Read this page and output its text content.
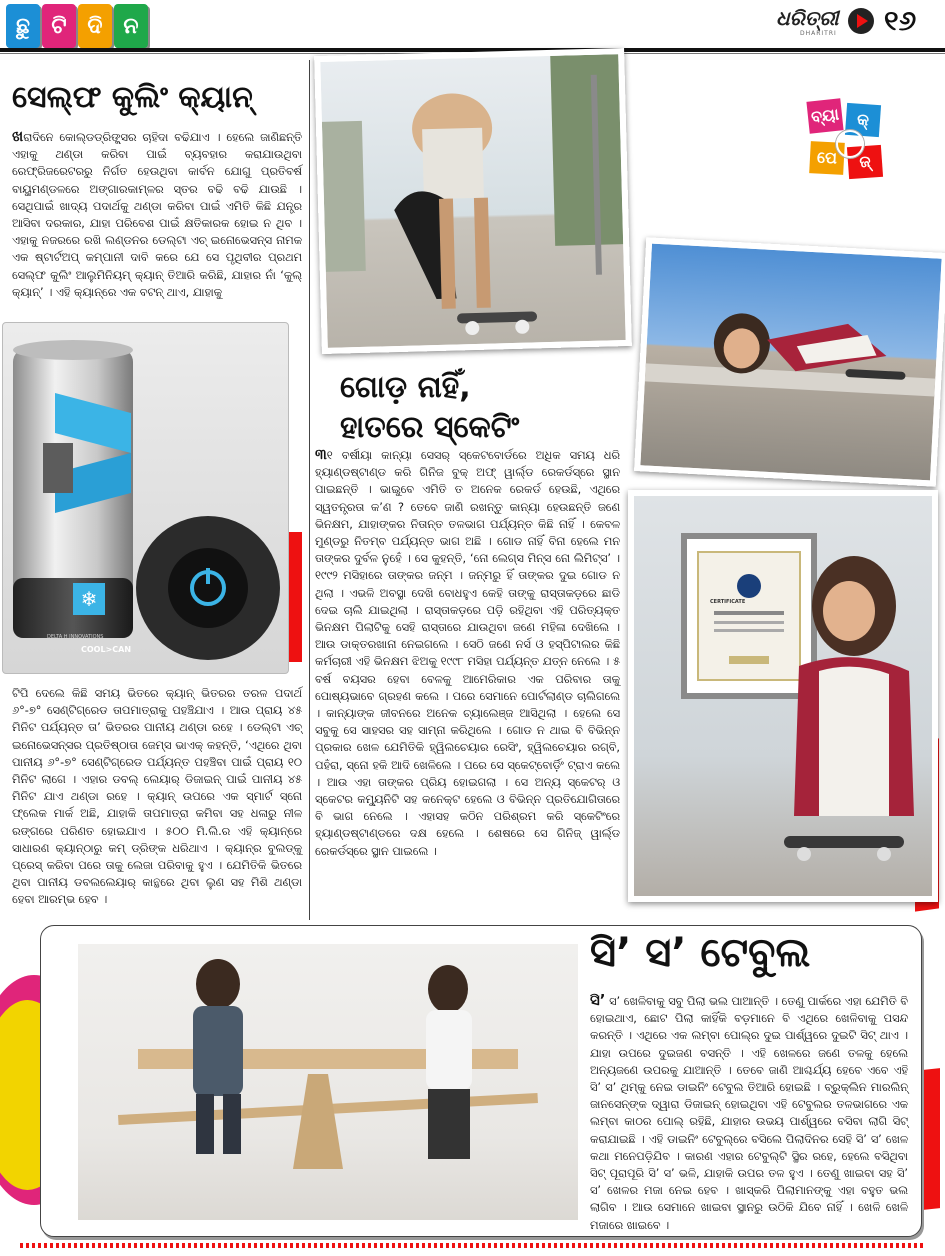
ଛୁ ଟି ଦି ନ	ଧରିତ୍ରୀ
DHARITRI ୧୬
ସେଲ୍ଫ କୁଲିଂ କ୍ୟାନ୍

ଖରାଦିନେ କୋଲ୍ଡଡ୍ରିଙ୍କ୍ସର ଚାହିଦା ବଢିଯାଏ । ହେଲେ ଜାଣିଛନ୍ତି ଏହାକୁ ଥଣ୍ଡା କରିବା ପାଇଁ ବ୍ୟବହାର କରାଯାଉଥିବା ରେଫ୍ରିଜରେଟରରୁ ନିର୍ଗତ ହେଉଥିବା କାର୍ବନ ଯୋଗୁ ପ୍ରତିବର୍ଷ ବାୟୁମଣ୍ଡଳରେ ଅଙ୍ଗାରକାମ୍ଳର ସ୍ତର ବଢି ବଢି ଯାଉଛି । ସେଥିପାଇଁ ଖାଦ୍ୟ ପଦାର୍ଥକୁ ଥଣ୍ଡା କରିବା ପାଇଁ ଏମିତି କିଛି ଯନ୍ତ୍ର ଆସିବା ଦରକାର, ଯାହା ପରିବେଶ ପାଇଁ କ୍ଷତିକାରକ ହୋଇ ନ ଥିବ । ଏହାକୁ ନଜରରେ ରଖି ଲଣ୍ଡନର ଡେଲ୍ଟା ଏଚ୍ ଇନୋଭେସନ୍ସ ନାମକ ଏକ ଷ୍ଟାର୍ଟଅପ୍ କମ୍ପାନୀ ଦାବି କରେ ଯେ ସେ ପୃଥିବୀର ପ୍ରଥମ ସେଲ୍ଫ କୁଲିଂ ଆଲୁମିନିୟମ୍ କ୍ୟାନ୍ ତିଆରି କରିଛି, ଯାହାର ନାଁ ‘କୁଲ୍ କ୍ୟାନ୍’ । ଏହି କ୍ୟାନ୍‌ରେ ଏକ ବଟନ୍ ଥାଏ, ଯାହାକୁ

❄
COOL>CAN
DELTA H INNOVATIONS

ଟିପି ଦେଲେ କିଛି ସମୟ ଭିତରେ କ୍ୟାନ୍ ଭିତରର ତରଳ ପଦାର୍ଥ ୬°-୭° ସେଣ୍ଟିଗ୍ରେଡ ତାପମାତ୍ରାକୁ ପହଞ୍ଚିଯାଏ । ଆଉ ପ୍ରାୟ ୪୫ ମିନିଟ ପର୍ଯ୍ୟନ୍ତ ତା’ ଭିତରର ପାନୀୟ ଥଣ୍ଡା ରହେ । ଡେଲ୍ଟା ଏଚ୍ ଇନୋଭେସନ୍ସର ପ୍ରତିଷ୍ଠାତା ଜେମ୍ସ ଭାଏକ୍ କହନ୍ତି, ‘ଏଥିରେ ଥିବା ପାନୀୟ ୬°-୭° ସେଣ୍ଟିଗ୍ରେଡ ପର୍ଯ୍ୟନ୍ତ ପହଞ୍ଚିବା ପାଇଁ ପ୍ରାୟ ୧୦ ମିନିଟ ଲାଗେ । ଏହାର ଡବଲ୍ ଲେୟାର୍ ଡିଜାଇନ୍ ପାଇଁ ପାନୀୟ ୪୫ ମିନିଟ ଯାଏ ଥଣ୍ଡା ରହେ । କ୍ୟାନ୍ ଉପରେ ଏକ ସ୍ମାର୍ଟ ସ୍ନୋ ଫ୍ଲେକ ମାର୍କ ଅଛି, ଯାହାକି ତାପମାତ୍ରା କମିବା ସହ ଧଳାରୁ ନୀଳ ରଙ୍ଗରେ ପରିଣତ ହୋଇଯାଏ । ୫୦୦ ମି.ଲି.ର ଏହି କ୍ୟାନ୍‌ରେ ସାଧାରଣ କ୍ୟାନ୍‌ଠାରୁ କମ୍ ଡ୍ରିଙ୍କ ଧରିଥାଏ । କ୍ୟାନ୍‌ର ବୁଲଡ୍‌କୁ ପ୍ରେସ୍ କରିବା ପରେ ତାକୁ ଲେଜା ପରିବାକୁ ହୁଏ । ଯେମିତିକି ଭିତରେ ଥିବା ପାନୀୟ ଡବଲଲେୟାର୍ କାନ୍ଥରେ ଥିବା ଲୁଣ ସହ ମିଶି ଥଣ୍ଡା ହେବା ଆରମ୍ଭ ହେବ ।

ବ୍ୟା	କ୍
ପେ	ଜ୍
ଗୋଡ଼ ନାହିଁ,
ହାତରେ ସ୍କେଟିଂ

୩୧ ବର୍ଷୀୟା କାନ୍ୟା ସେସର୍ ସ୍କେଟବୋର୍ଡରେ ଅଧିକ ସମୟ ଧରି ହ୍ୟାଣ୍ଡଷ୍ଟାଣ୍ଡ କରି ଗିନିଜ ବୁକ୍ ଅଫ୍ ୱାର୍ଲ୍ଡ ରେକର୍ଡସ୍‌ରେ ସ୍ଥାନ ପାଇଛନ୍ତି । ଭାଇୁବେ ଏମିତି ତ ଅନେକ ରେକର୍ଡ ହେଉଛି, ଏଥିରେ ସ୍ୱତନ୍ତ୍ରତା କ’ଣ ? ତେବେ ଜାଣି ରଖନ୍ତୁ କାନ୍ୟା ହେଉଛନ୍ତି ଜଣେ ଭିନକ୍ଷମ, ଯାହାଙ୍କର ନିତାନ୍ତ ତଳଭାଗ ପର୍ଯ୍ୟନ୍ତ କିଛି ନାହିଁ । କେବଳ ମୁଣ୍ଡରୁ ନିତମ୍ବ ପର୍ଯ୍ୟନ୍ତ ଭାଗ ଅଛି । ଗୋଡ ନାହିଁ ବିନା ହେଲେ ମନ ତାଙ୍କର ଦୁର୍ବଳ ନୁହେଁ । ସେ କୁହନ୍ତି, ‘ନୋ ଲେଗ୍‌ସ ମିନ୍ସ ନୋ ଲିମିଟ୍ସ’ । ୧୯୯୨ ମସିହାରେ ତାଙ୍କର ଜନ୍ମ । ଜନ୍ମରୁ ହିଁ ତାଙ୍କର ଦୁଇ ଗୋଡ ନ ଥିଲା । ଏଭଳି ଅବସ୍ଥା ଦେଖି ବୋଧହୁଏ କେହି ତାଙ୍କୁ ରାସ୍ତାକଡ଼ରେ ଛାଡି ଦେଇ ଚାଲି ଯାଇଥିଲା । ରାସ୍ତାକଡ଼ରେ ପଡ଼ି ରହିଥିବା ଏହି ପରିତ୍ୟକ୍ତ ଭିନକ୍ଷମ ପିଲାଟିକୁ ସେହି ରାସ୍ତାରେ ଯାଉଥିବା ଜଣେ ମହିଳା ଦେଖିଲେ । ଆଉ ଡାକ୍ତରଖାନା ନେଇଗଲେ । ସେଠି ଜଣେ ନର୍ସ ଓ ହସ୍ପିଟାଲର କିଛି କର୍ମଚାରୀ ଏହି ଭିନକ୍ଷମ ଝିଅକୁ ୧୯୯୮ ମସିହା ପର୍ଯ୍ୟନ୍ତ ଯତ୍ନ ନେଲେ । ୫ ବର୍ଷ ବୟସର ହେବା ବେଳକୁ ଆମେରିକାର ଏକ ପରିବାର ତାକୁ ପୋଷ୍ୟଭାବେ ଗ୍ରହଣ କଲେ । ପରେ ସେମାନେ ପୋର୍ଟଲାଣ୍ଡ ଚାଲିଗଲେ । କାନ୍ୟାଙ୍କ ଜୀବନରେ ଅନେକ ଚ୍ୟାଲେଞ୍ଜ ଆସିଥିଲା । ହେଲେ ସେ ସବୁକୁ ସେ ସାହସର ସହ ସାମ୍ନା କରିଥିଲେ । ଗୋଡ ନ ଥାଇ ବି ବିଭିନ୍ନ ପ୍ରକାର ଖେଳ ଯେମିତିକି ହ୍ୱିଲଚେୟାର ରେସିଂ, ହ୍ୱିଲଚେୟାର ରଗ୍‌ବି, ପହଁରା, ସ୍ନୋ ହକି ଆଦି ଖେଳିଲେ । ପରେ ସେ ସ୍କେଟ୍‌ବୋର୍ଡ଼ିଂ ଟ୍ରାଏ କଲେ । ଆଉ ଏହା ତାଙ୍କର ପ୍ରିୟ ହୋଇଗଲା । ସେ ଅନ୍ୟ ସ୍କେଟର୍ ଓ ସ୍କେଟର କମ୍ୟୁନିଟି ସହ କନେକ୍ଟ ହେଲେ ଓ ବିଭିନ୍ନ ପ୍ରତିଯୋଗିତାରେ ବି ଭାଗ ନେଲେ । ଏହାସହ କଠିନ ପରିଶ୍ରମ କରି ସ୍କେଟିଂରେ ହ୍ୟାଣ୍ଡଷ୍ଟାଣ୍ଡରେ ଦକ୍ଷ ହେଲେ । ଶେଷରେ ସେ ଗିନିଜ୍ ୱାର୍ଲ୍ଡ ରେକର୍ଡସ୍‌ରେ ସ୍ଥାନ ପାଇଲେ ।

CERTIFICATE
ସି’ ସ’ ଟେବୁଲ

ସି’ ସ’ ଖେଳିବାକୁ ସବୁ ପିଲା ଭଲ ପାଆନ୍ତି । ତେଣୁ ପାର୍କରେ ଏହା ଯେମିତି ବି ହୋଇଥାଏ, ଛୋଟ ପିଲା କାହିଁକି ବଡ଼ମାନେ ବି ଏଥିରେ ଖେଳିବାକୁ ପସନ୍ଦ କରନ୍ତି । ଏଥିରେ ଏକ ଲମ୍ବା ପୋଲ୍‌ର ଦୁଇ ପାର୍ଶ୍ୱରେ ଦୁଇଟି ସିଟ୍ ଥାଏ । ଯାହା ଉପରେ ଦୁଇଜଣ ବସନ୍ତି । ଏହି ଖେଳରେ ଜଣେ ତଳକୁ ହେଲେ ଅନ୍ୟଜଣେ ଉପରକୁ ଯାଆନ୍ତି । ତେବେ ଜାଣି ଆଶ୍ଚର୍ଯ୍ୟ ହେବେ ଏବେ ଏହି ସି’ ସ’ ଥିମ୍‌କୁ ନେଇ ଡାଇନିଂ ଟେବୁଲ ତିଆରି ହୋଇଛି । ବ୍ରୁକ୍ଲିନ ମାରଲିନ୍ ଜାନସେନ୍‌ଙ୍କ ଦ୍ୱାରା ଡିଜାଇନ୍ ହୋଇଥିବା ଏହି ଟେବୁଲର ତଳଭାଗରେ ଏକ ଲମ୍ବା କାଠର ପୋଲ୍ ରହିଛି, ଯାହାର ଉଭୟ ପାର୍ଶ୍ୱରେ ବସିବା ଲାଗି ସିଟ୍ କରାଯାଇଛି । ଏହି ଡାଇନିଂ ଟେବୁଲ୍‌ରେ ବସିଲେ ପିଲାଦିନର ସେହି ସି’ ସ’ ଖେଳ କଥା ମନେପଡ଼ିଯିବ । କାରଣ ଏହାର ଟେବୁଲ୍‌ଟି ସ୍ଥିର ରହେ, ହେଲେ ବସିଥିବା ସିଟ୍ ପୂରାପୂରି ସି’ ସ’ ଭଳି, ଯାହାକି ଉପର ତଳ ହୁଏ । ତେଣୁ ଖାଇବା ସହ ସି’ ସ’ ଖେଳର ମଜା ନେଇ ହେବ । ଖାସ୍‌କରି ପିଲାମାନଙ୍କୁ ଏହା ବହୁତ ଭଲ ଲାଗିବ । ଆଉ ସେମାନେ ଖାଇବା ସ୍ଥାନରୁ ଉଠିକି ଯିବେ ନାହିଁ । ଖେଳି ଖେଳି ମଜାରେ ଖାଇବେ ।
